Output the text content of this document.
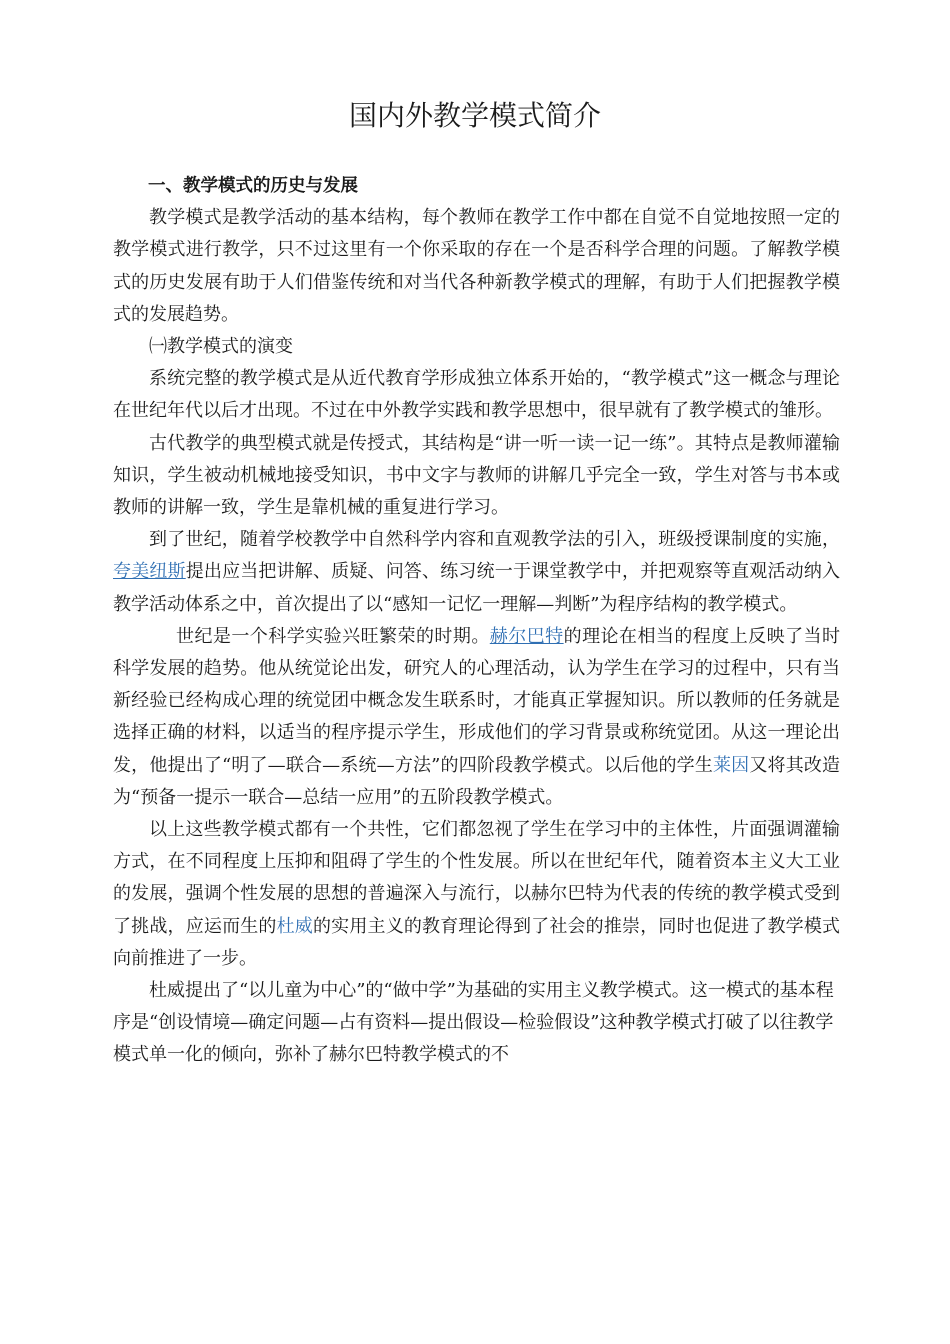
国内外教学模式简介

一、教学模式的历史与发展

教学模式是教学活动的基本结构，每个教师在教学工作中都在自觉不自觉地按照一定的教学模式进行教学，只不过这里有一个你采取的存在一个是否科学合理的问题。了解教学模式的历史发展有助于人们借鉴传统和对当代各种新教学模式的理解，有助于人们把握教学模式的发展趋势。

㈠教学模式的演变

系统完整的教学模式是从近代教育学形成独立体系开始的，“教学模式”这一概念与理论在世纪年代以后才出现。不过在中外教学实践和教学思想中，很早就有了教学模式的雏形。

古代教学的典型模式就是传授式，其结构是“讲一听一读一记一练”。其特点是教师灌输知识，学生被动机械地接受知识，书中文字与教师的讲解几乎完全一致，学生对答与书本或教师的讲解一致，学生是靠机械的重复进行学习。

到了世纪，随着学校教学中自然科学内容和直观教学法的引入，班级授课制度的实施，夸美纽斯提出应当把讲解、质疑、问答、练习统一于课堂教学中，并把观察等直观活动纳入教学活动体系之中，首次提出了以“感知一记忆一理解—判断”为程序结构的教学模式。

世纪是一个科学实验兴旺繁荣的时期。赫尔巴特的理论在相当的程度上反映了当时科学发展的趋势。他从统觉论出发，研究人的心理活动，认为学生在学习的过程中，只有当新经验已经构成心理的统觉团中概念发生联系时，才能真正掌握知识。所以教师的任务就是选择正确的材料，以适当的程序提示学生，形成他们的学习背景或称统觉团。从这一理论出发，他提出了“明了—联合—系统—方法”的四阶段教学模式。以后他的学生莱因又将其改造为“预备一提示一联合—总结一应用”的五阶段教学模式。

以上这些教学模式都有一个共性，它们都忽视了学生在学习中的主体性，片面强调灌输方式，在不同程度上压抑和阻碍了学生的个性发展。所以在世纪年代，随着资本主义大工业的发展，强调个性发展的思想的普遍深入与流行，以赫尔巴特为代表的传统的教学模式受到了挑战，应运而生的杜威的实用主义的教育理论得到了社会的推崇，同时也促进了教学模式向前推进了一步。

杜威提出了“以儿童为中心”的“做中学”为基础的实用主义教学模式。这一模式的基本程序是“创设情境—确定问题—占有资料—提出假设—检验假设”这种教学模式打破了以往教学模式单一化的倾向，弥补了赫尔巴特教学模式的不
